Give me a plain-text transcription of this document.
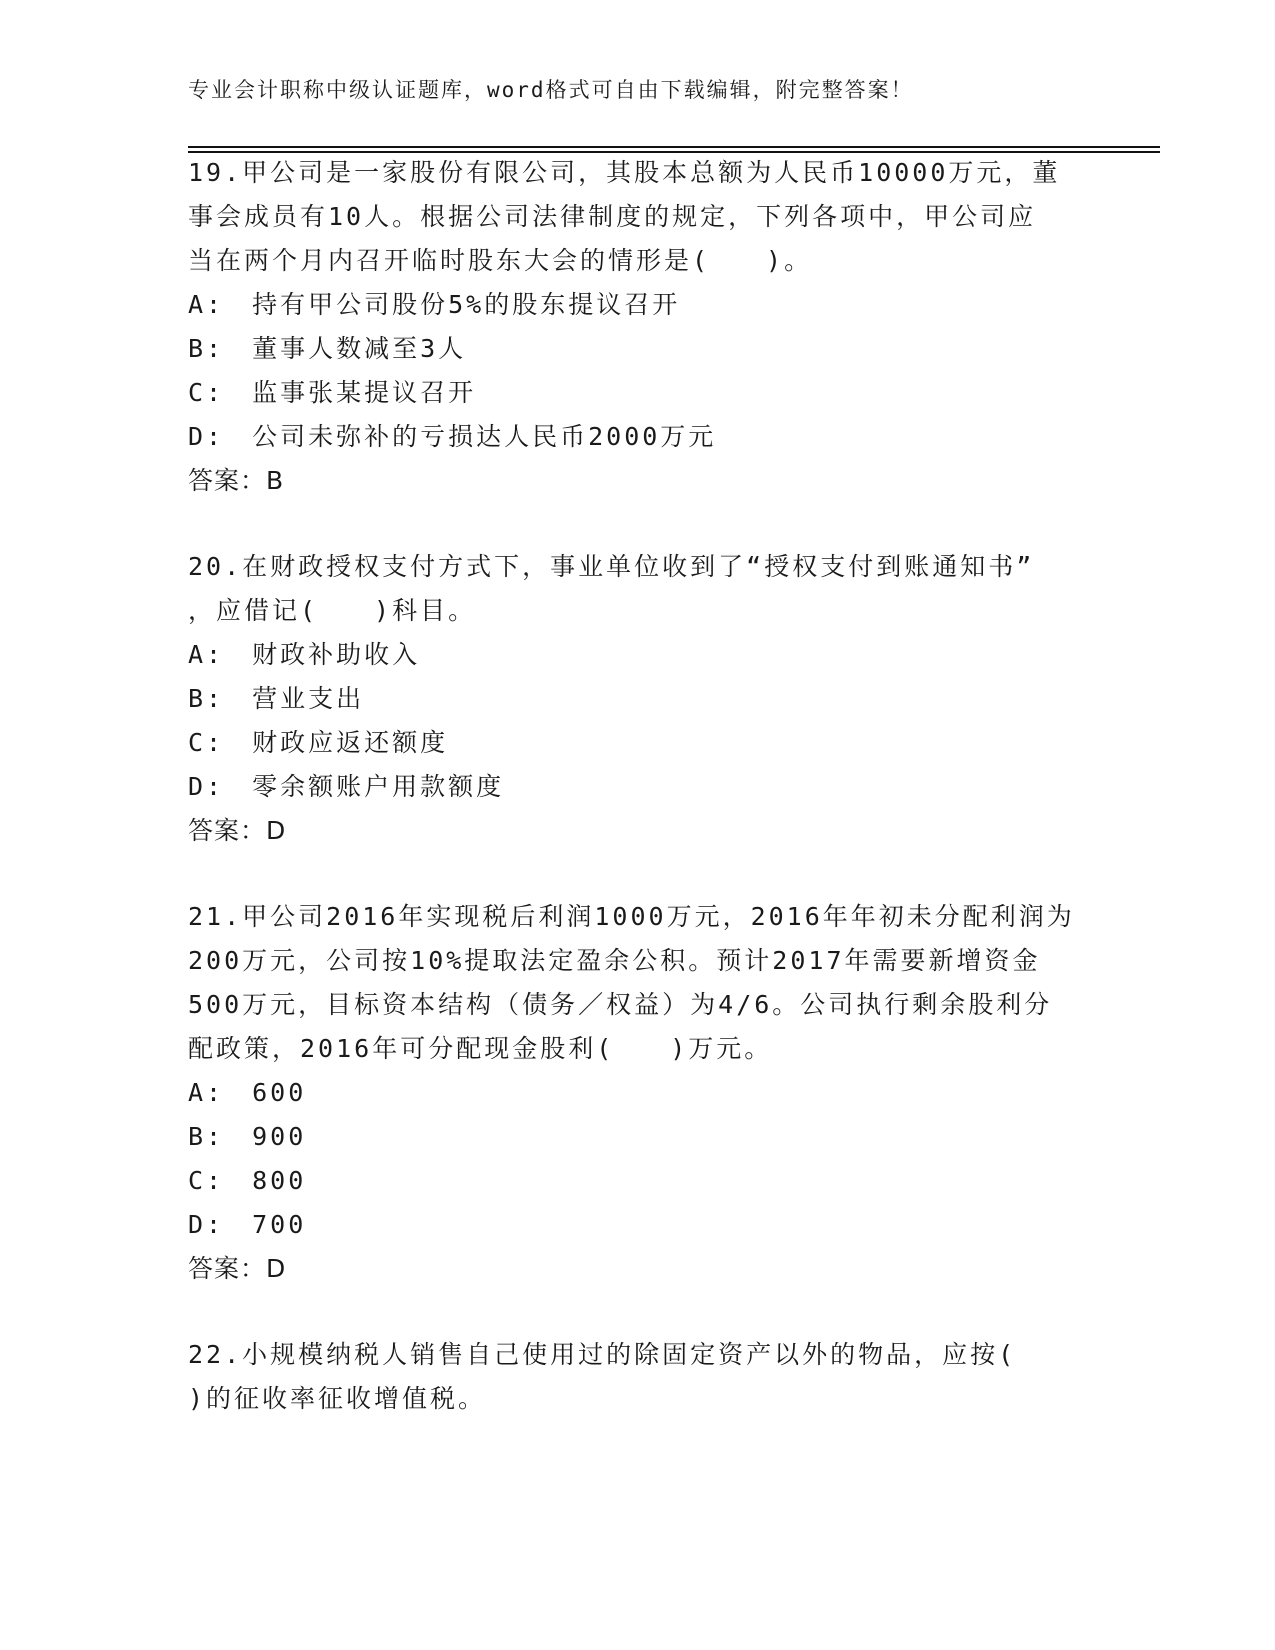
专业会计职称中级认证题库，word格式可自由下载编辑，附完整答案！
19.甲公司是一家股份有限公司，其股本总额为人民币10000万元，董
事会成员有10人。根据公司法律制度的规定，下列各项中，甲公司应
当在两个月内召开临时股东大会的情形是(　　)。
A:　持有甲公司股份5%的股东提议召开
B:　董事人数减至3人
C:　监事张某提议召开
D:　公司未弥补的亏损达人民币2000万元
答案：B
20.在财政授权支付方式下，事业单位收到了“授权支付到账通知书”
，应借记(　　)科目。
A:　财政补助收入
B:　营业支出
C:　财政应返还额度
D:　零余额账户用款额度
答案：D
21.甲公司2016年实现税后利润1000万元，2016年年初未分配利润为
200万元，公司按10%提取法定盈余公积。预计2017年需要新增资金
500万元，目标资本结构（债务／权益）为4/6。公司执行剩余股利分
配政策，2016年可分配现金股利(　　)万元。
A:　600
B:　900
C:　800
D:　700
答案：D
22.小规模纳税人销售自己使用过的除固定资产以外的物品，应按(
)的征收率征收增值税。
